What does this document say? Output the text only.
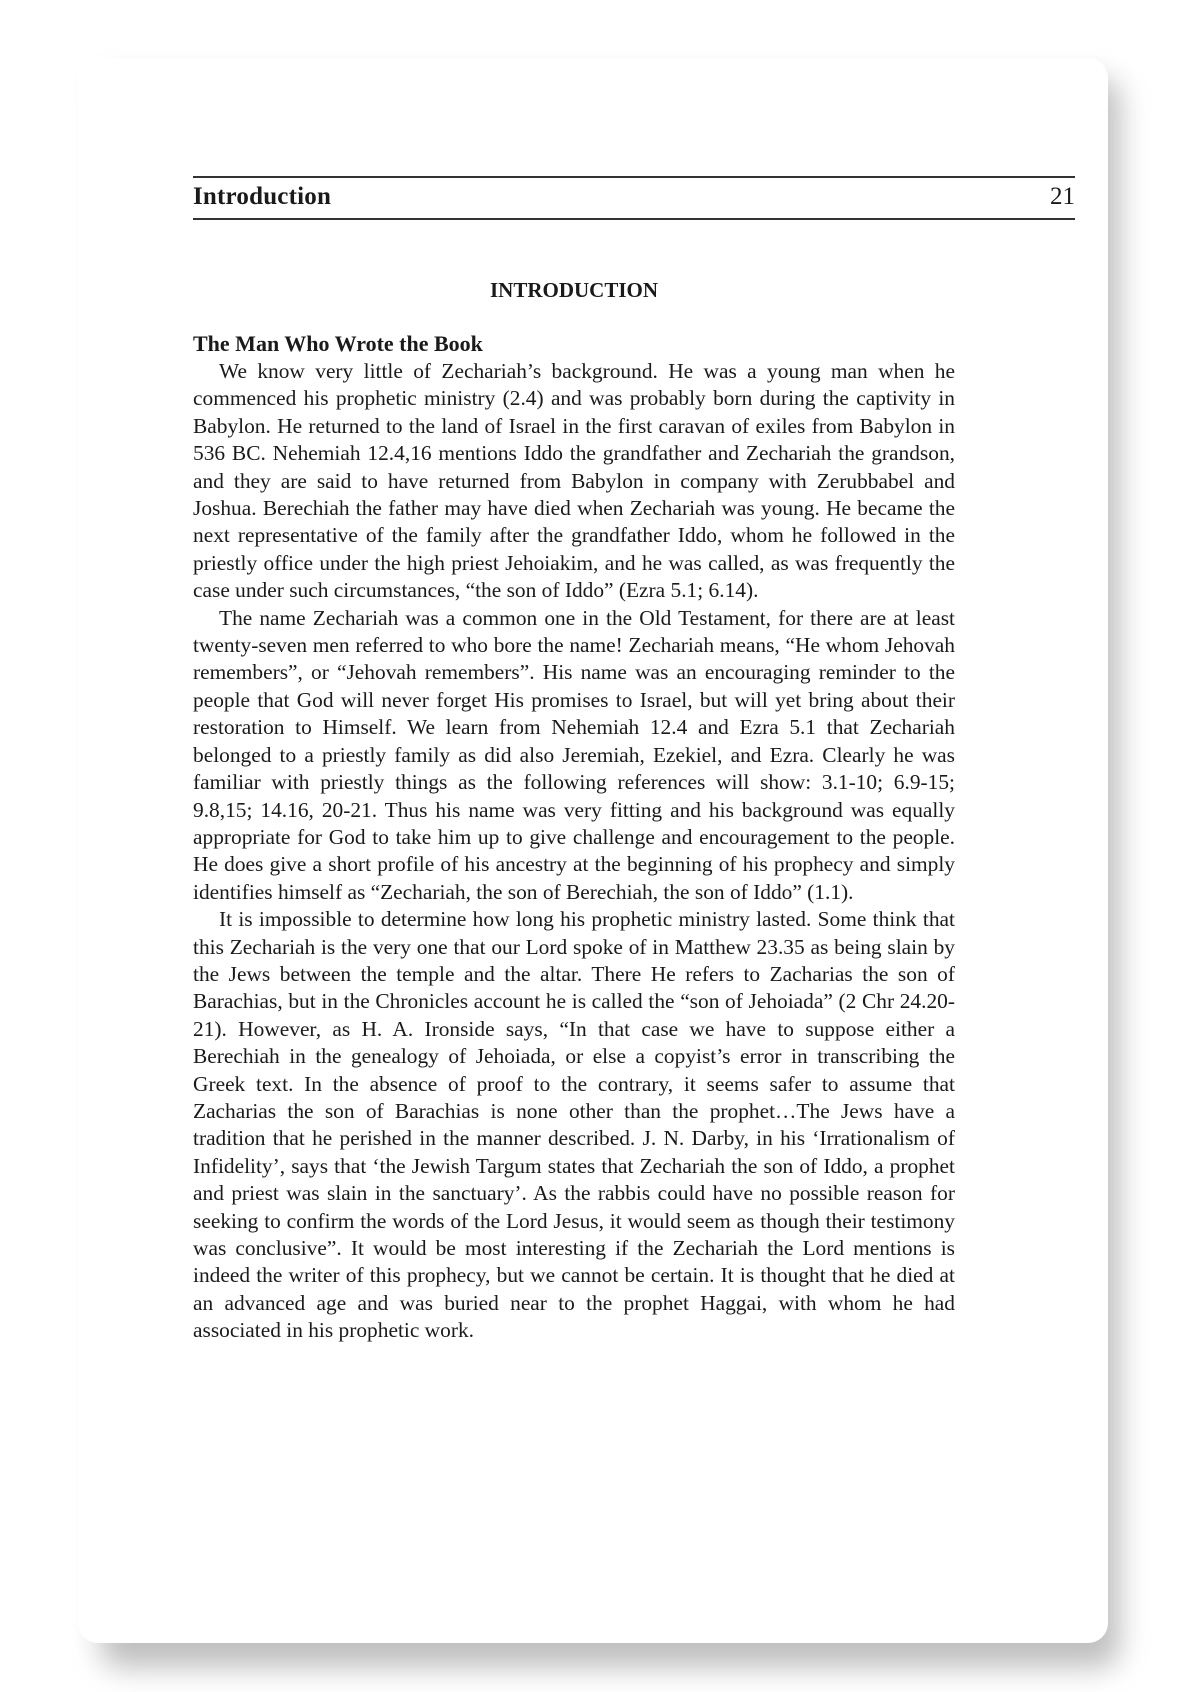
Introduction	21
INTRODUCTION

The Man Who Wrote the Book

We know very little of Zechariah’s background. He was a young man when he commenced his prophetic ministry (2.4) and was probably born during the captivity in Babylon. He returned to the land of Israel in the first caravan of exiles from Babylon in 536 BC. Nehemiah 12.4,16 mentions Iddo the grandfather and Zechariah the grandson, and they are said to have returned from Babylon in company with Zerubbabel and Joshua. Berechiah the father may have died when Zechariah was young. He became the next representative of the family after the grandfather Iddo, whom he followed in the priestly office under the high priest Jehoiakim, and he was called, as was frequently the case under such circumstances, “the son of Iddo” (Ezra 5.1; 6.14).

The name Zechariah was a common one in the Old Testament, for there are at least twenty-seven men referred to who bore the name! Zechariah means, “He whom Jehovah remembers”, or “Jehovah remembers”. His name was an encouraging reminder to the people that God will never forget His promises to Israel, but will yet bring about their restoration to Himself. We learn from Nehemiah 12.4 and Ezra 5.1 that Zechariah belonged to a priestly family as did also Jeremiah, Ezekiel, and Ezra. Clearly he was familiar with priestly things as the following references will show: 3.1-10; 6.9-15; 9.8,15; 14.16, 20-21. Thus his name was very fitting and his background was equally appropriate for God to take him up to give challenge and encouragement to the people. He does give a short profile of his ancestry at the beginning of his prophecy and simply identifies himself as “Zechariah, the son of Berechiah, the son of Iddo” (1.1).

It is impossible to determine how long his prophetic ministry lasted. Some think that this Zechariah is the very one that our Lord spoke of in Matthew 23.35 as being slain by the Jews between the temple and the altar. There He refers to Zacharias the son of Barachias, but in the Chronicles account he is called the “son of Jehoiada” (2 Chr 24.20-21). However, as H. A. Ironside says, “In that case we have to suppose either a Berechiah in the genealogy of Jehoiada, or else a copyist’s error in transcribing the Greek text. In the absence of proof to the contrary, it seems safer to assume that Zacharias the son of Barachias is none other than the prophet…The Jews have a tradition that he perished in the manner described. J. N. Darby, in his ‘Irrationalism of Infidelity’, says that ‘the Jewish Targum states that Zechariah the son of Iddo, a prophet and priest was slain in the sanctuary’. As the rabbis could have no possible reason for seeking to confirm the words of the Lord Jesus, it would seem as though their testimony was conclusive”. It would be most interesting if the Zechariah the Lord mentions is indeed the writer of this prophecy, but we cannot be certain. It is thought that he died at an advanced age and was buried near to the prophet Haggai, with whom he had associated in his prophetic work.
